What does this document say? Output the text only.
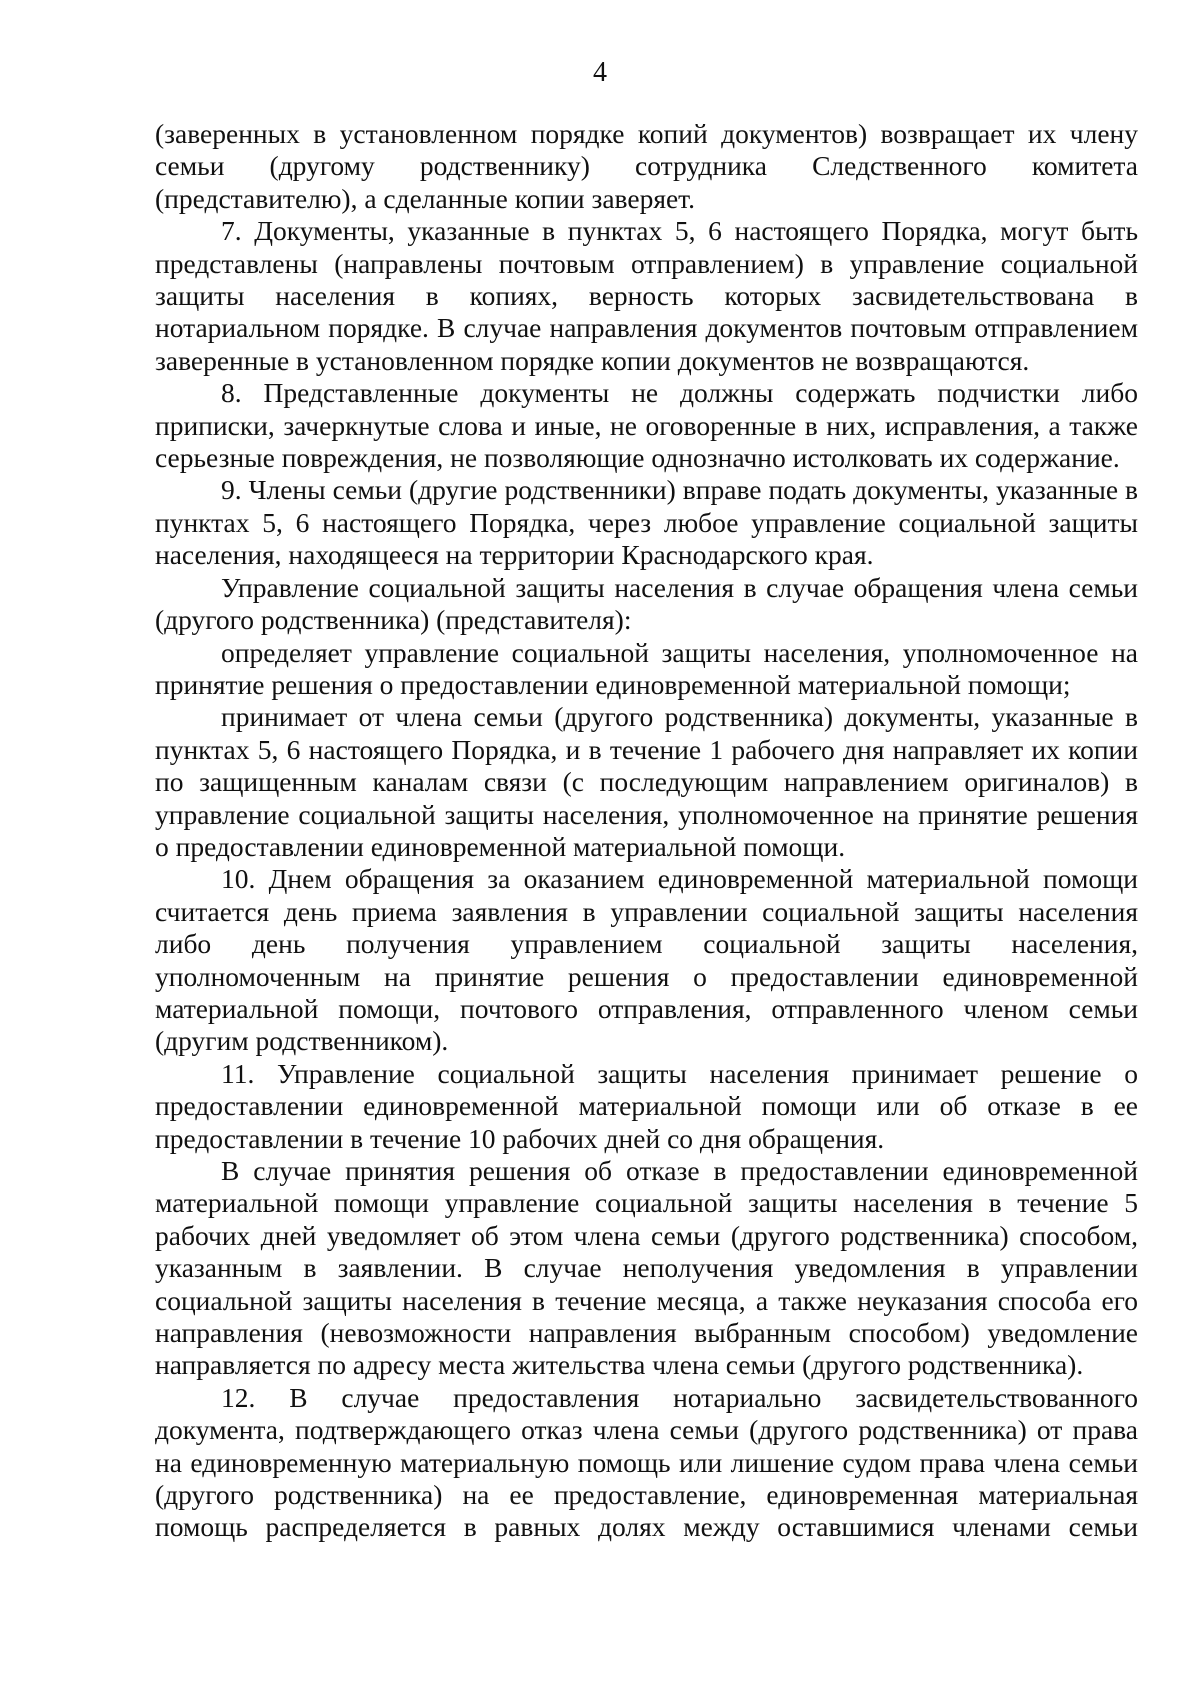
4

(заверенных в установленном порядке копий документов) возвращает их члену семьи (другому родственнику) сотрудника Следственного комитета (представителю), а сделанные копии заверяет.

7. Документы, указанные в пунктах 5, 6 настоящего Порядка, могут быть представлены (направлены почтовым отправлением) в управление социальной защиты населения в копиях, верность которых засвидетельствована в нотариальном порядке. В случае направления документов почтовым отправлением заверенные в установленном порядке копии документов не возвращаются.

8. Представленные документы не должны содержать подчистки либо приписки, зачеркнутые слова и иные, не оговоренные в них, исправления, а также серьезные повреждения, не позволяющие однозначно истолковать их содержание.

9. Члены семьи (другие родственники) вправе подать документы, указанные в пунктах 5, 6 настоящего Порядка, через любое управление социальной защиты населения, находящееся на территории Краснодарского края.

Управление социальной защиты населения в случае обращения члена семьи (другого родственника) (представителя):

определяет управление социальной защиты населения, уполномоченное на принятие решения о предоставлении единовременной материальной помощи;

принимает от члена семьи (другого родственника) документы, указанные в пунктах 5, 6 настоящего Порядка, и в течение 1 рабочего дня направляет их копии по защищенным каналам связи (с последующим направлением оригиналов) в управление социальной защиты населения, уполномоченное на принятие решения о предоставлении единовременной материальной помощи.

10. Днем обращения за оказанием единовременной материальной помощи считается день приема заявления в управлении социальной защиты населения либо день получения управлением социальной защиты населения, уполномоченным на принятие решения о предоставлении единовременной материальной помощи, почтового отправления, отправленного членом семьи (другим родственником).

11. Управление социальной защиты населения принимает решение о предоставлении единовременной материальной помощи или об отказе в ее предоставлении в течение 10 рабочих дней со дня обращения.

В случае принятия решения об отказе в предоставлении единовременной материальной помощи управление социальной защиты населения в течение 5 рабочих дней уведомляет об этом члена семьи (другого родственника) способом, указанным в заявлении. В случае неполучения уведомления в управлении социальной защиты населения в течение месяца, а также неуказания способа его направления (невозможности направления выбранным способом) уведомление направляется по адресу места жительства члена семьи (другого родственника).

12. В случае предоставления нотариально засвидетельствованного документа, подтверждающего отказ члена семьи (другого родственника) от права на единовременную материальную помощь или лишение судом права члена семьи (другого родственника) на ее предоставление, единовременная материальная помощь распределяется в равных долях между оставшимися членами семьи
